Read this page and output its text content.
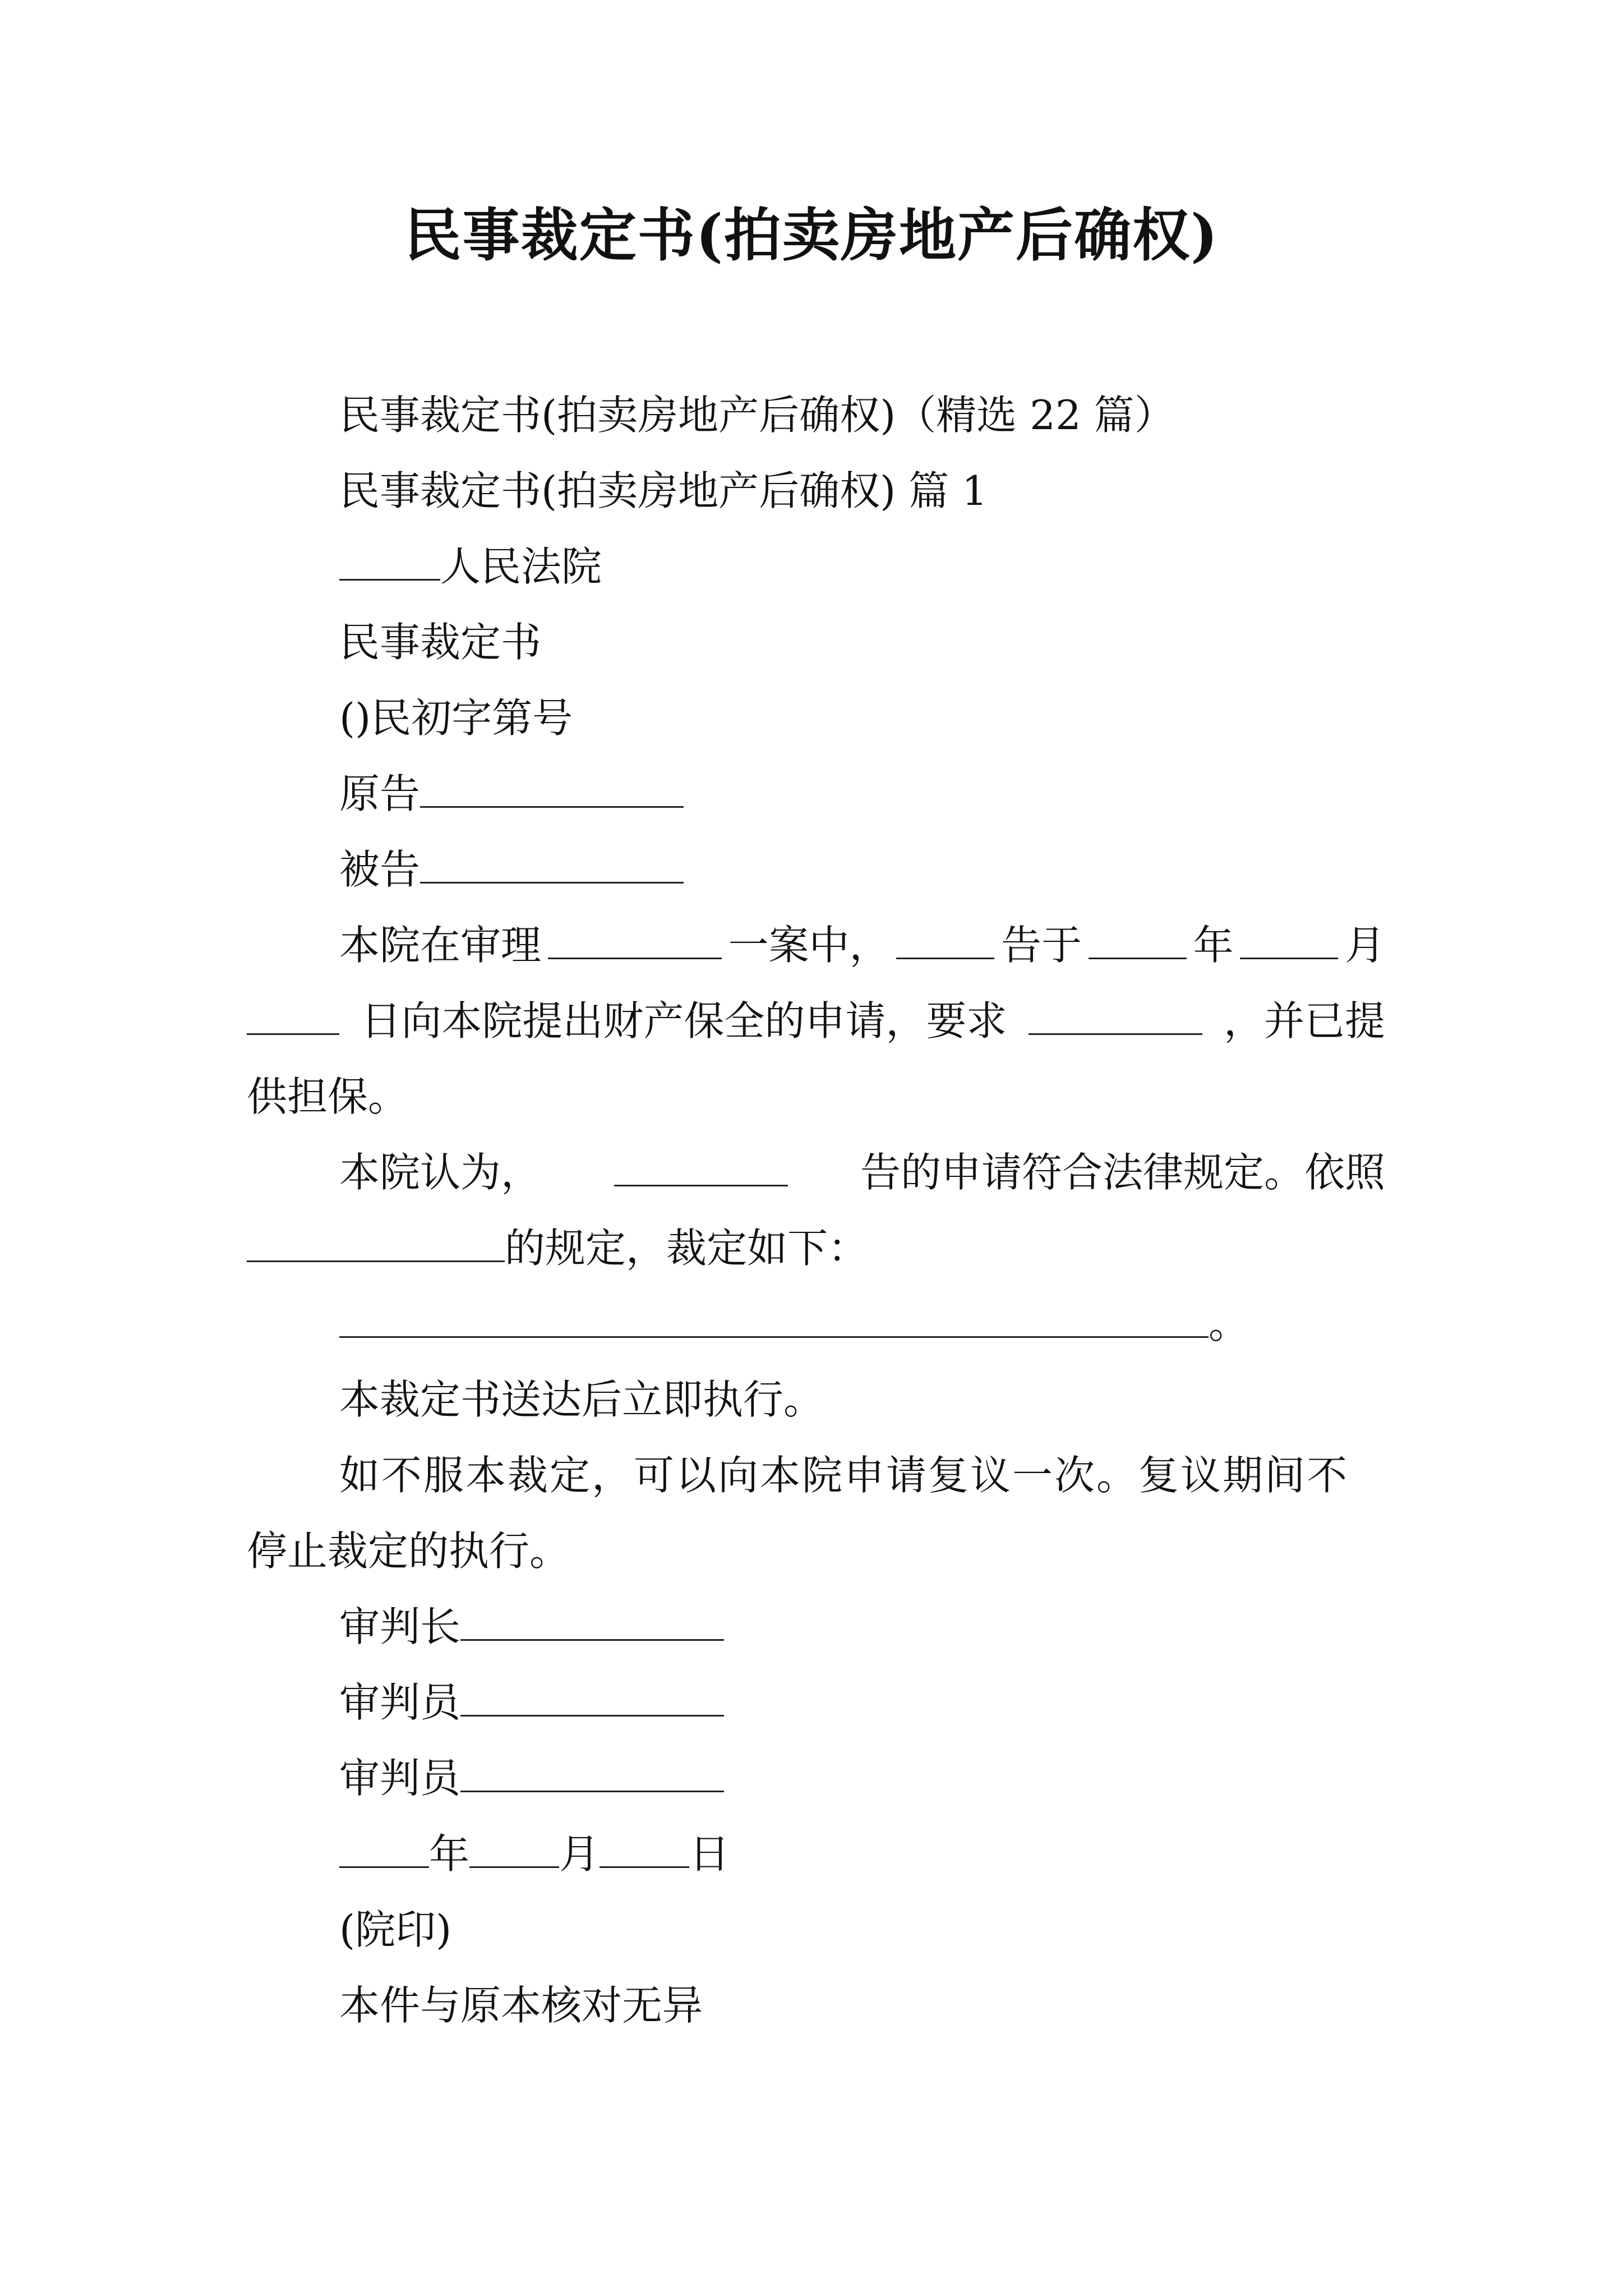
民事裁定书(拍卖房地产后确权)
民事裁定书(拍卖房地产后确权)（精选 22 篇）
民事裁定书(拍卖房地产后确权) 篇 1
人民法院
民事裁定书
()民初字第号
原告
被告
本院在审理	一案中，	告于	年	月
日向本院提出财产保全的申请，要求	，并已提
供担保。
本院认为，	告的申请符合法律规定。依照
的规定，裁定如下：
。
本裁定书送达后立即执行。
如不服本裁定，可以向本院申请复议一次。复议期间不
停止裁定的执行。
审判长
审判员
审判员
年 月 日
(院印)
本件与原本核对无异
